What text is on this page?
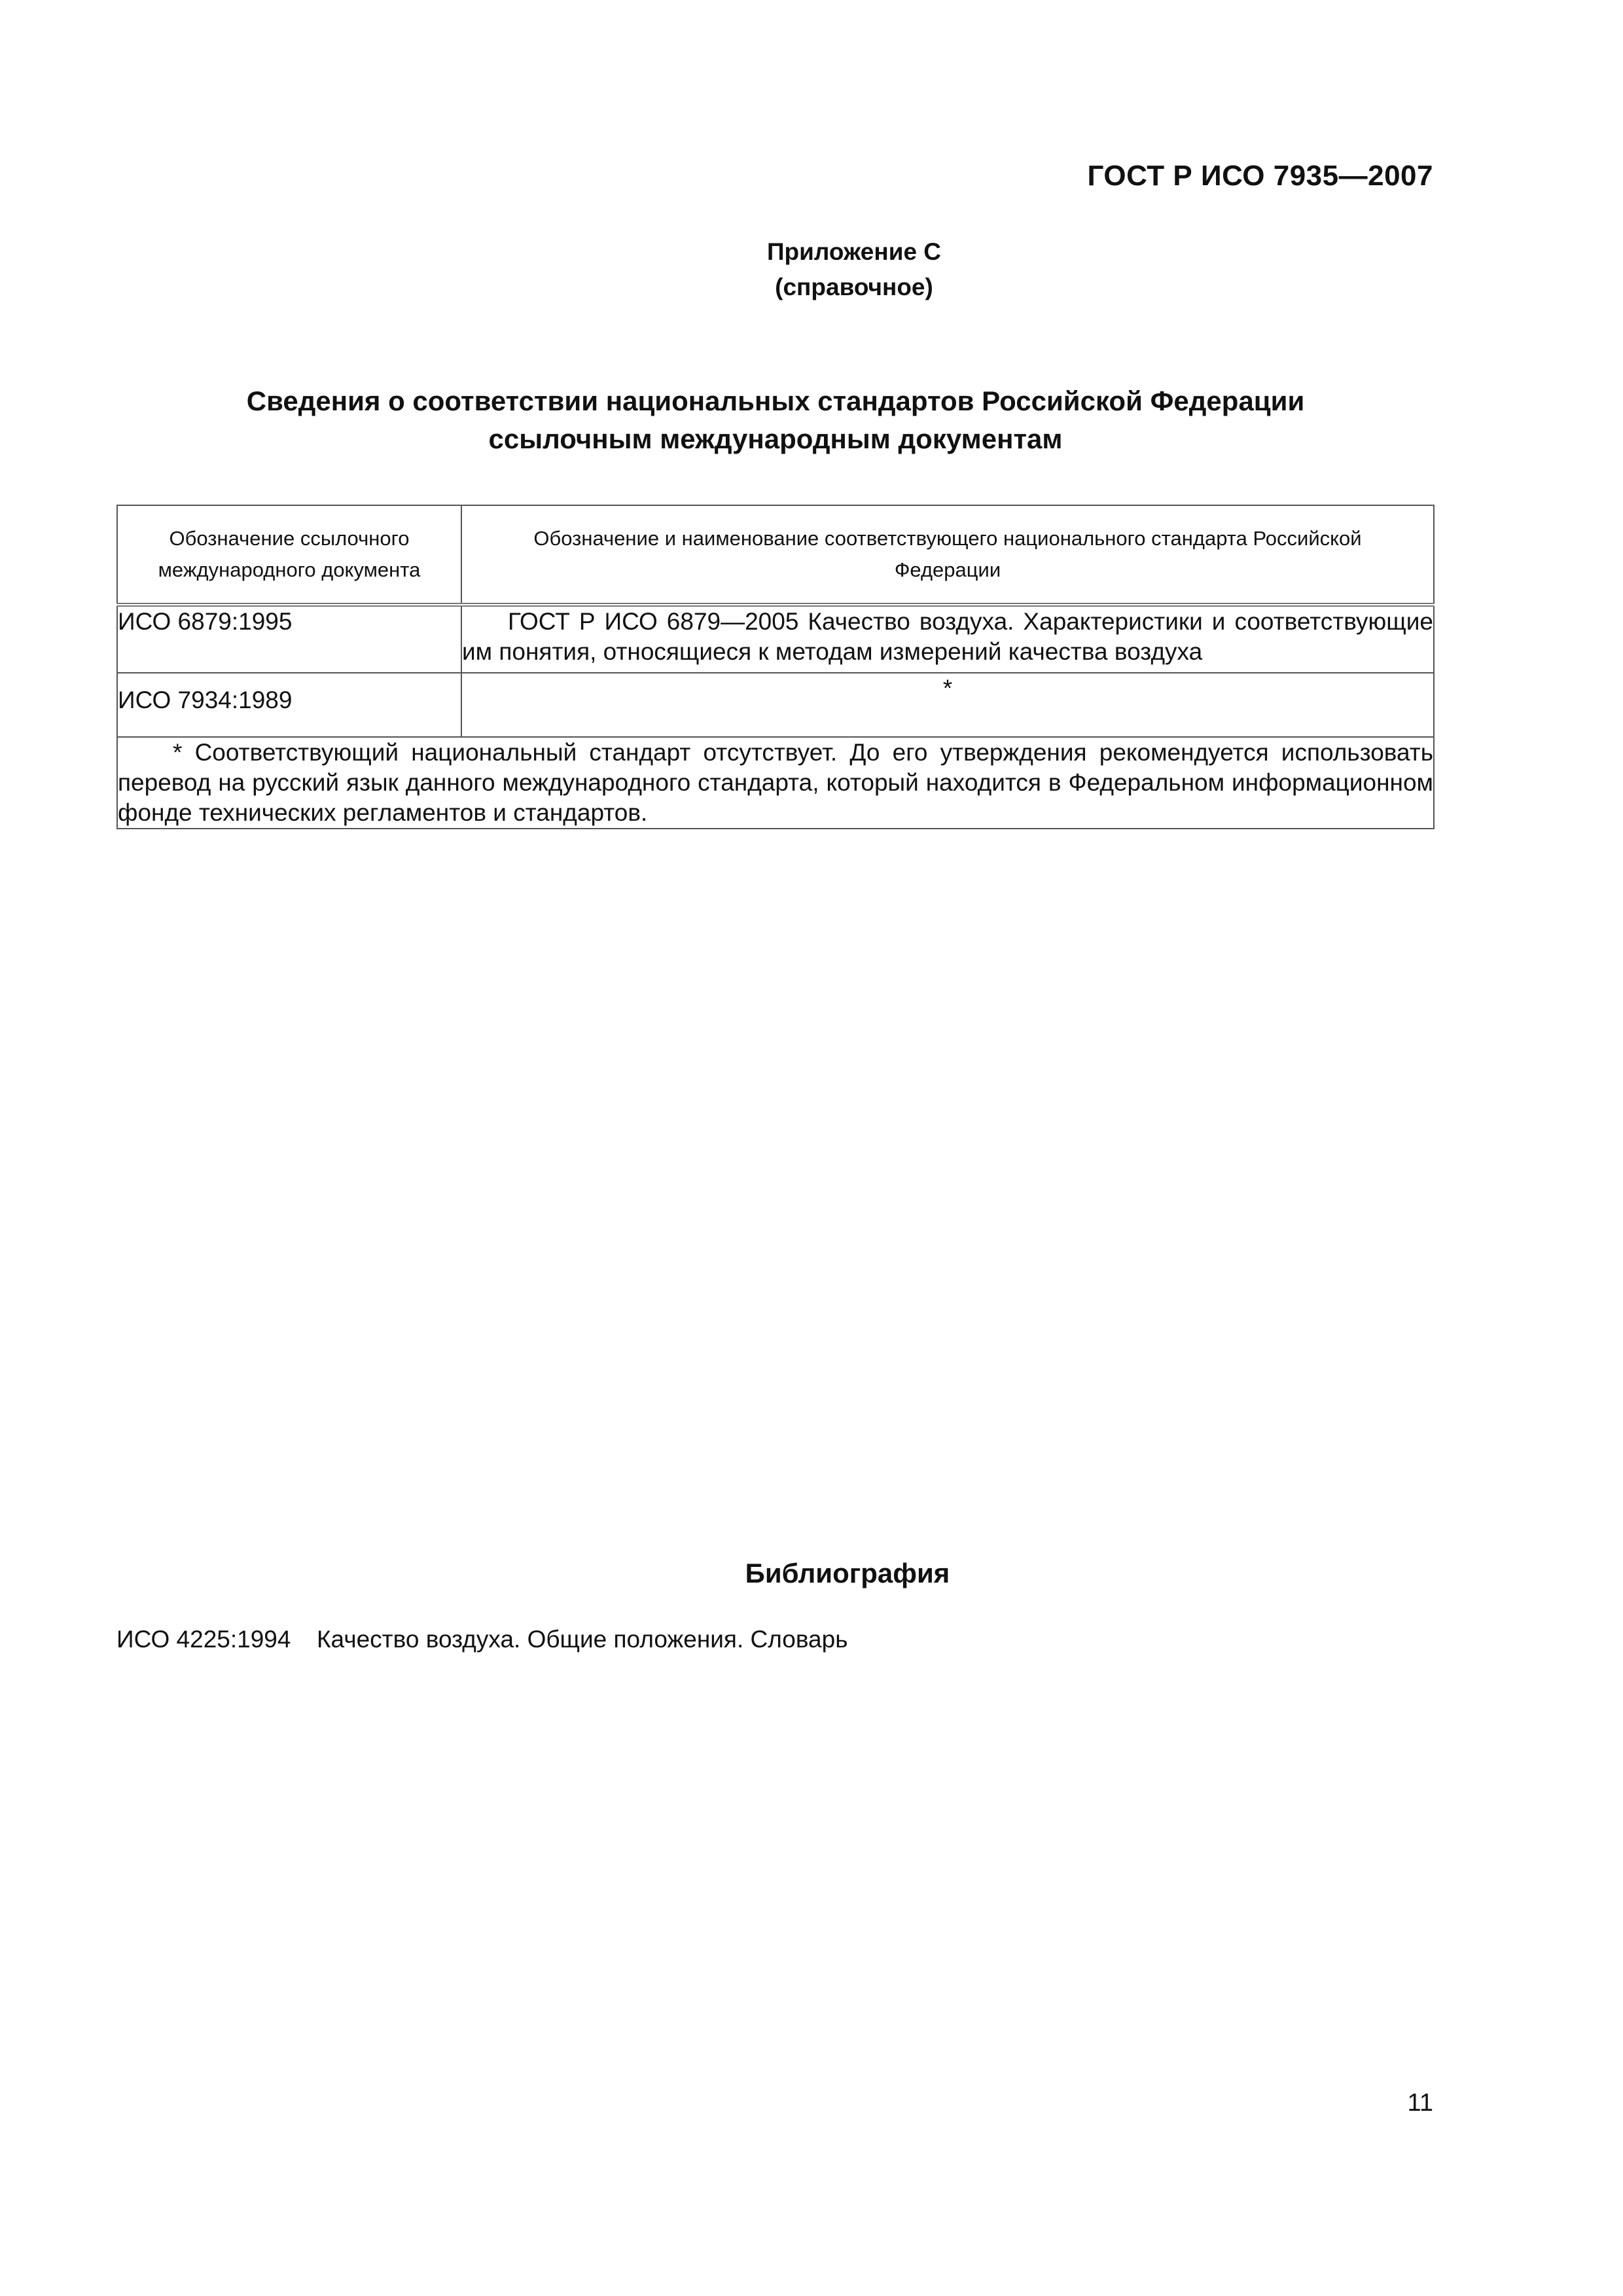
ГОСТ Р ИСО 7935—2007
Приложение С
(справочное)
Сведения о соответствии национальных стандартов Российской Федерации
ссылочным международным документам
Обозначение ссылочного международного документа	Обозначение и наименование соответствующего национального стандарта Российской Федерации
ИСО 6879:1995	ГОСТ Р ИСО 6879—2005 Качество воздуха. Характеристики и соответствующие им понятия, относящиеся к методам измерений качества воздуха
ИСО 7934:1989	*
* Соответствующий национальный стандарт отсутствует. До его утверждения рекомендуется использовать перевод на русский язык данного международного стандарта, который находится в Федеральном информационном фонде технических регламентов и стандартов.	
Библиография
ИСО 4225:1994 Качество воздуха. Общие положения. Словарь
11
